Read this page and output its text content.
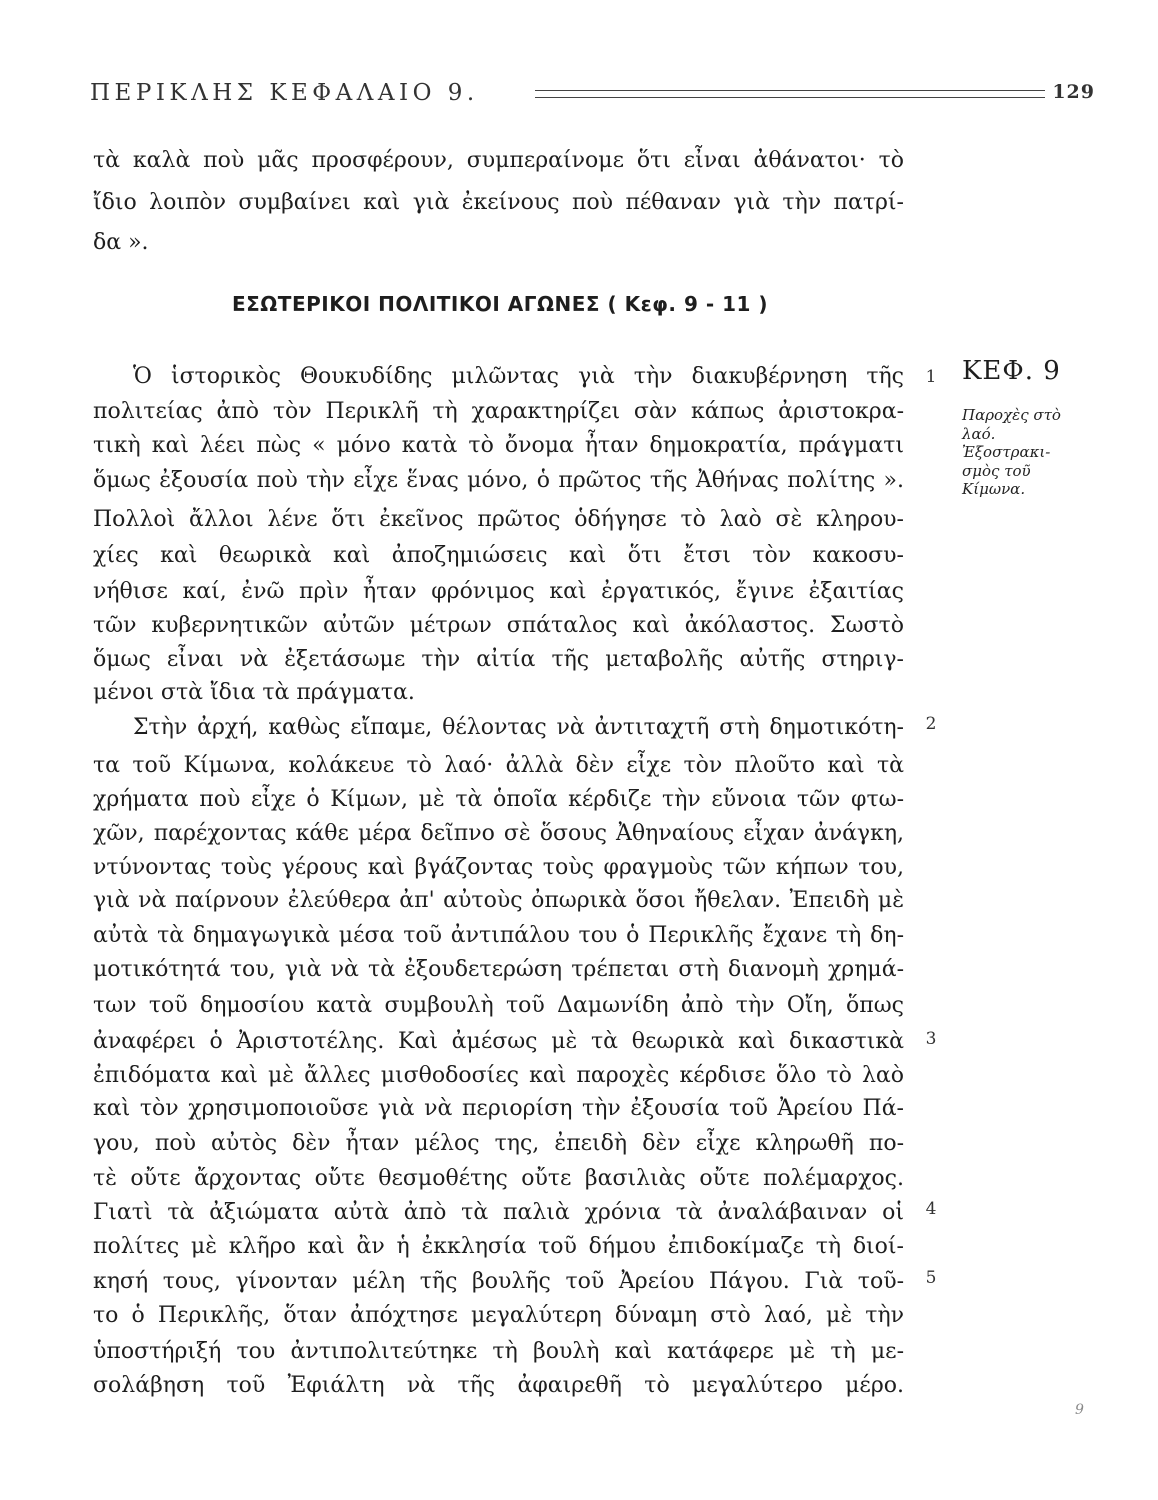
ΠΕΡΙΚΛΗΣ ΚΕΦΑΛΑΙΟ 9.	129
τὰ καλὰ ποὺ μᾶς προσφέρουν, συμπεραίνομε ὅτι εἶναι ἀθάνατοι· τὸ
ἴδιο λοιπὸν συμβαίνει καὶ γιὰ ἐκείνους ποὺ πέθαναν γιὰ τὴν πατρί-
δα ».
ΕΣΩΤΕΡΙΚΟΙ ΠΟΛΙΤΙΚΟΙ ΑΓΩΝΕΣ ( Κεφ. 9 - 11 )
Ὁ ἱστορικὸς Θουκυδίδης μιλῶντας γιὰ τὴν διακυβέρνηση τῆς
πολιτείας ἀπὸ τὸν Περικλῆ τὴ χαρακτηρίζει σὰν κάπως ἀριστοκρα-
τικὴ καὶ λέει πὼς « μόνο κατὰ τὸ ὄνομα ἦταν δημοκρατία, πράγματι
ὅμως ἐξουσία ποὺ τὴν εἶχε ἕνας μόνο, ὁ πρῶτος τῆς Ἀθήνας πολίτης ».
Πολλοὶ ἄλλοι λένε ὅτι ἐκεῖνος πρῶτος ὁδήγησε τὸ λαὸ σὲ κληρου-
χίες καὶ θεωρικὰ καὶ ἀποζημιώσεις καὶ ὅτι ἔτσι τὸν κακοσυ-
νήθισε καί, ἐνῶ πρὶν ἦταν φρόνιμος καὶ ἐργατικός, ἔγινε ἐξαιτίας
τῶν κυβερνητικῶν αὐτῶν μέτρων σπάταλος καὶ ἀκόλαστος. Σωστὸ
ὅμως εἶναι νὰ ἐξετάσωμε τὴν αἰτία τῆς μεταβολῆς αὐτῆς στηριγ-
μένοι στὰ ἴδια τὰ πράγματα.
Στὴν ἀρχή, καθὼς εἴπαμε, θέλοντας νὰ ἀντιταχτῆ στὴ δημοτικότη-
τα τοῦ Κίμωνα, κολάκευε τὸ λαό· ἀλλὰ δὲν εἶχε τὸν πλοῦτο καὶ τὰ
χρήματα ποὺ εἶχε ὁ Κίμων, μὲ τὰ ὁποῖα κέρδιζε τὴν εὔνοια τῶν φτω-
χῶν, παρέχοντας κάθε μέρα δεῖπνο σὲ ὅσους Ἀθηναίους εἶχαν ἀνάγκη,
ντύνοντας τοὺς γέρους καὶ βγάζοντας τοὺς φραγμοὺς τῶν κήπων του,
γιὰ νὰ παίρνουν ἐλεύθερα ἀπ' αὐτοὺς ὀπωρικὰ ὅσοι ἤθελαν. Ἐπειδὴ μὲ
αὐτὰ τὰ δημαγωγικὰ μέσα τοῦ ἀντιπάλου του ὁ Περικλῆς ἔχανε τὴ δη-
μοτικότητά του, γιὰ νὰ τὰ ἐξουδετερώση τρέπεται στὴ διανομὴ χρημά-
των τοῦ δημοσίου κατὰ συμβουλὴ τοῦ Δαμωνίδη ἀπὸ τὴν Οἴη, ὅπως
ἀναφέρει ὁ Ἀριστοτέλης. Καὶ ἀμέσως μὲ τὰ θεωρικὰ καὶ δικαστικὰ
ἐπιδόματα καὶ μὲ ἄλλες μισθοδοσίες καὶ παροχὲς κέρδισε ὅλο τὸ λαὸ
καὶ τὸν χρησιμοποιοῦσε γιὰ νὰ περιορίση τὴν ἐξουσία τοῦ Ἀρείου Πά-
γου, ποὺ αὐτὸς δὲν ἦταν μέλος της, ἐπειδὴ δὲν εἶχε κληρωθῆ πο-
τὲ οὔτε ἄρχοντας οὔτε θεσμοθέτης οὔτε βασιλιὰς οὔτε πολέμαρχος.
Γιατὶ τὰ ἀξιώματα αὐτὰ ἀπὸ τὰ παλιὰ χρόνια τὰ ἀναλάβαιναν οἱ
πολίτες μὲ κλῆρο καὶ ἂν ἡ ἐκκλησία τοῦ δήμου ἐπιδοκίμαζε τὴ διοί-
κησή τους, γίνονταν μέλη τῆς βουλῆς τοῦ Ἀρείου Πάγου. Γιὰ τοῦ-
το ὁ Περικλῆς, ὅταν ἀπόχτησε μεγαλύτερη δύναμη στὸ λαό, μὲ τὴν
ὑποστήριξή του ἀντιπολιτεύτηκε τὴ βουλὴ καὶ κατάφερε μὲ τὴ με-
σολάβηση τοῦ Ἐφιάλτη νὰ τῆς ἀφαιρεθῆ τὸ μεγαλύτερο μέρο.
1
2
3
4
5
ΚΕΦ. 9
Παροχὲς στὸ
λαό.
Ἐξοστρακι-
σμὸς τοῦ
Κίμωνα.
9
